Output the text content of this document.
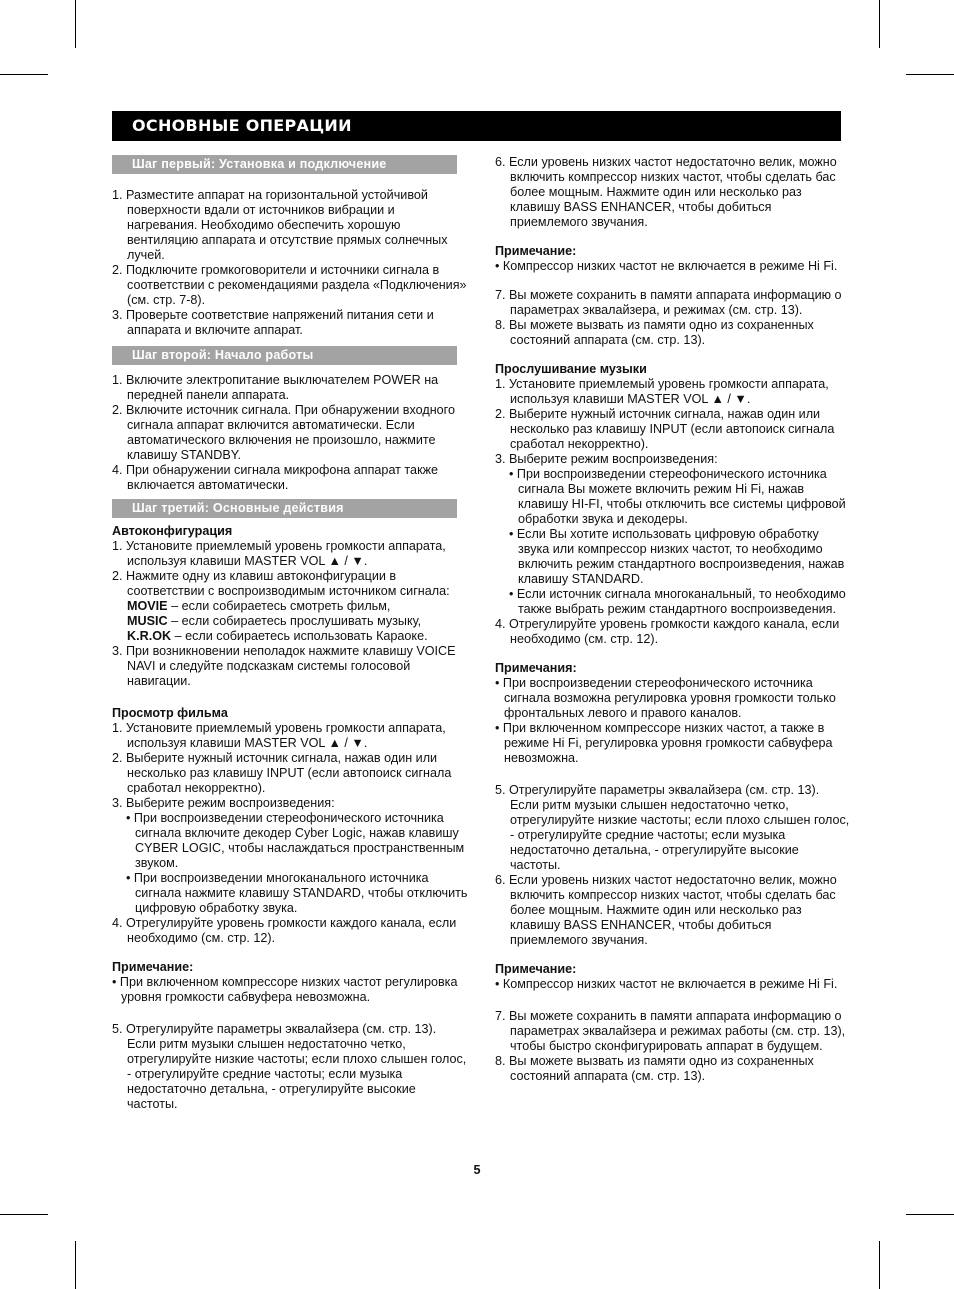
ОСНОВНЫЕ ОПЕРАЦИИ
Шаг первый: Установка и подключение
1. Разместите аппарат на горизонтальной устойчивой поверхности вдали от источников вибрации и нагревания. Необходимо обеспечить хорошую вентиляцию аппарата и отсутствие прямых солнечных лучей.
2. Подключите громкоговорители и источники сигнала в соответствии с рекомендациями раздела «Подключения» (см. стр. 7-8).
3. Проверьте соответствие напряжений питания сети и аппарата и включите аппарат.
Шаг второй: Начало работы
1. Включите электропитание выключателем POWER на передней панели аппарата.
2. Включите источник сигнала. При обнаружении входного сигнала аппарат включится автоматически. Если автоматического включения не произошло, нажмите клавишу STANDBY.
4. При обнаружении сигнала микрофона аппарат также включается автоматически.
Шаг третий: Основные действия
Автоконфигурация
1. Установите приемлемый уровень громкости аппарата, используя клавиши MASTER VOL ▲ / ▼.
2. Нажмите одну из клавиш автоконфигурации в соответствии с воспроизводимым источником сигнала:
MOVIE – если собираетесь смотреть фильм,
MUSIC – если собираетесь прослушивать музыку,
K.R.OK – если собираетесь использовать Караоке.
3. При возникновении неполадок нажмите клавишу VOICE NAVI и следуйте подсказкам системы голосовой навигации.
Просмотр фильма
1. Установите приемлемый уровень громкости аппарата, используя клавиши MASTER VOL ▲ / ▼.
2. Выберите нужный источник сигнала, нажав один или несколько раз клавишу INPUT (если автопоиск сигнала сработал некорректно).
3. Выберите режим воспроизведения:
• При воспроизведении стереофонического источника сигнала включите декодер Cyber Logic, нажав клавишу CYBER LOGIC, чтобы наслаждаться пространственным звуком.
• При воспроизведении многоканального источника сигнала нажмите клавишу STANDARD, чтобы отключить цифровую обработку звука.
4. Отрегулируйте уровень громкости каждого канала, если необходимо (см. стр. 12).
Примечание:
• При включенном компрессоре низких частот регулировка уровня громкости сабвуфера невозможна.
5. Отрегулируйте параметры эквалайзера (см. стр. 13). Если ритм музыки слышен недостаточно четко, отрегулируйте низкие частоты; если плохо слышен голос, - отрегулируйте средние частоты; если музыка недостаточно детальна, - отрегулируйте высокие частоты.
6. Если уровень низких частот недостаточно велик, можно включить компрессор низких частот, чтобы сделать бас более мощным. Нажмите один или несколько раз клавишу BASS ENHANCER, чтобы добиться приемлемого звучания.
Примечание:
• Компрессор низких частот не включается в режиме Hi Fi.
7. Вы можете сохранить в памяти аппарата информацию о параметрах эквалайзера, и режимах (см. стр. 13).
8. Вы можете вызвать из памяти одно из сохраненных состояний аппарата (см. стр. 13).
Прослушивание музыки
1. Установите приемлемый уровень громкости аппарата, используя клавиши MASTER VOL ▲ / ▼.
2. Выберите нужный источник сигнала, нажав один или несколько раз клавишу INPUT (если автопоиск сигнала сработал некорректно).
3. Выберите режим воспроизведения:
• При воспроизведении стереофонического источника сигнала Вы можете включить режим Hi Fi, нажав клавишу HI-FI, чтобы отключить все системы цифровой обработки звука и декодеры.
• Если Вы хотите использовать цифровую обработку звука или компрессор низких частот, то необходимо включить режим стандартного воспроизведения, нажав клавишу STANDARD.
• Если источник сигнала многоканальный, то необходимо также выбрать режим стандартного воспроизведения.
4. Отрегулируйте уровень громкости каждого канала, если необходимо (см. стр. 12).
Примечания:
• При воспроизведении стереофонического источника сигнала возможна регулировка уровня громкости только фронтальных левого и правого каналов.
• При включенном компрессоре низких частот, а также в режиме Hi Fi, регулировка уровня громкости сабвуфера невозможна.
5. Отрегулируйте параметры эквалайзера (см. стр. 13). Если ритм музыки слышен недостаточно четко, отрегулируйте низкие частоты; если плохо слышен голос, - отрегулируйте средние частоты; если музыка недостаточно детальна, - отрегулируйте высокие частоты.
6. Если уровень низких частот недостаточно велик, можно включить компрессор низких частот, чтобы сделать бас более мощным. Нажмите один или несколько раз клавишу BASS ENHANCER, чтобы добиться приемлемого звучания.
Примечание:
• Компрессор низких частот не включается в режиме Hi Fi.
7. Вы можете сохранить в памяти аппарата информацию о параметрах эквалайзера и режимах работы (см. стр. 13), чтобы быстро сконфигурировать аппарат в будущем.
8. Вы можете вызвать из памяти одно из сохраненных состояний аппарата (см. стр. 13).
5
